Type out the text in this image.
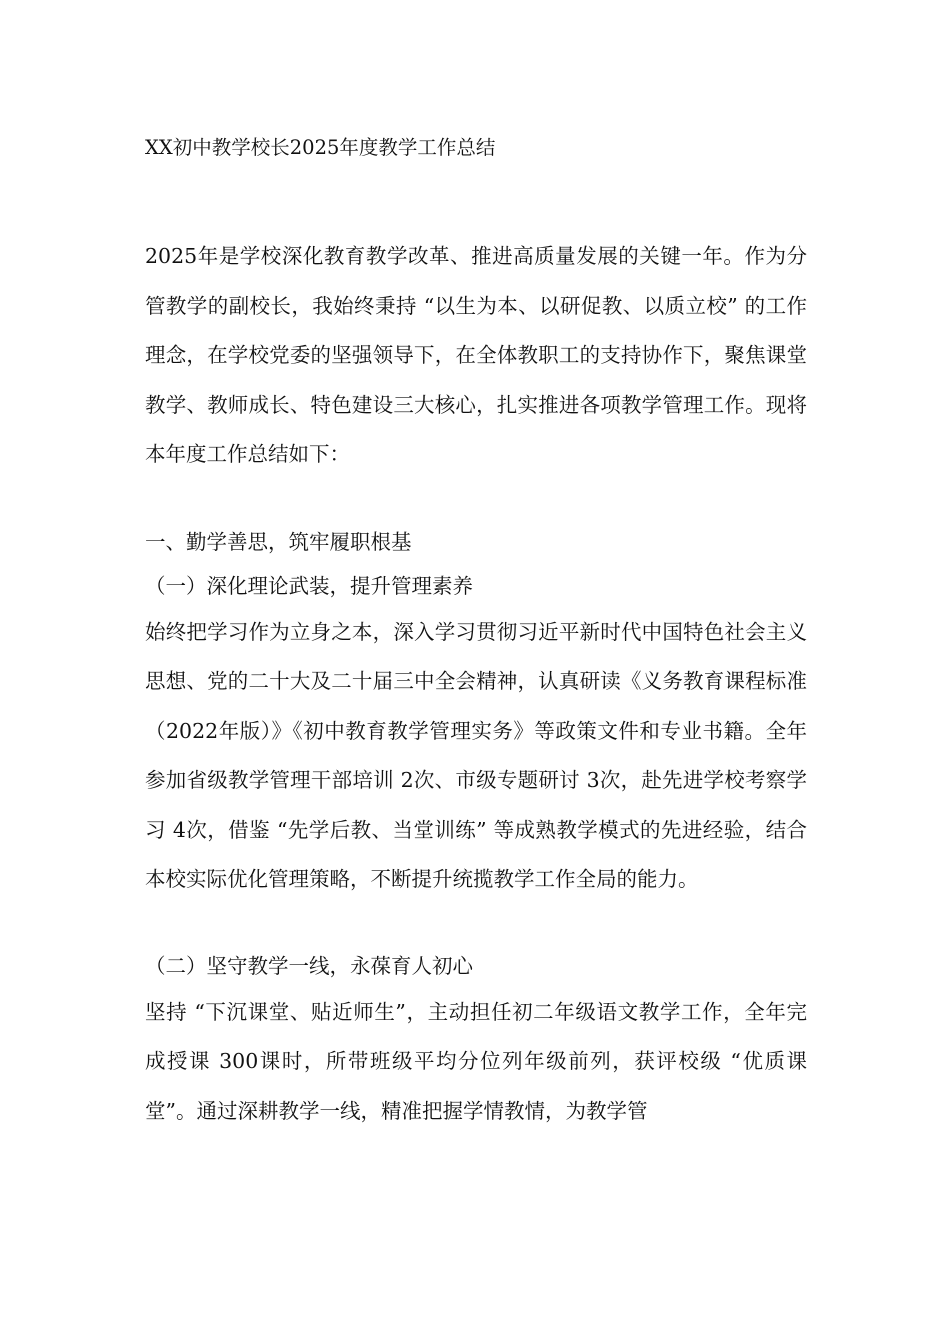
XX初中教学校长2025年度教学工作总结

2025年是学校深化教育教学改革、推进高质量发展的关键一年。作为分管教学的副校长，我始终秉持 “以生为本、以研促教、以质立校” 的工作理念，在学校党委的坚强领导下，在全体教职工的支持协作下，聚焦课堂教学、教师成长、特色建设三大核心，扎实推进各项教学管理工作。现将本年度工作总结如下：

一、勤学善思，筑牢履职根基
（一）深化理论武装，提升管理素养

始终把学习作为立身之本，深入学习贯彻习近平新时代中国特色社会主义思想、党的二十大及二十届三中全会精神，认真研读《义务教育课程标准（2022年版）》《初中教育教学管理实务》等政策文件和专业书籍。全年参加省级教学管理干部培训 2次、市级专题研讨 3次，赴先进学校考察学习 4次，借鉴 “先学后教、当堂训练” 等成熟教学模式的先进经验，结合本校实际优化管理策略，不断提升统揽教学工作全局的能力。

（二）坚守教学一线，永葆育人初心

坚持 “下沉课堂、贴近师生”，主动担任初二年级语文教学工作，全年完成授课 300课时，所带班级平均分位列年级前列，获评校级 “优质课堂”。通过深耕教学一线，精准把握学情教情，为教学管
